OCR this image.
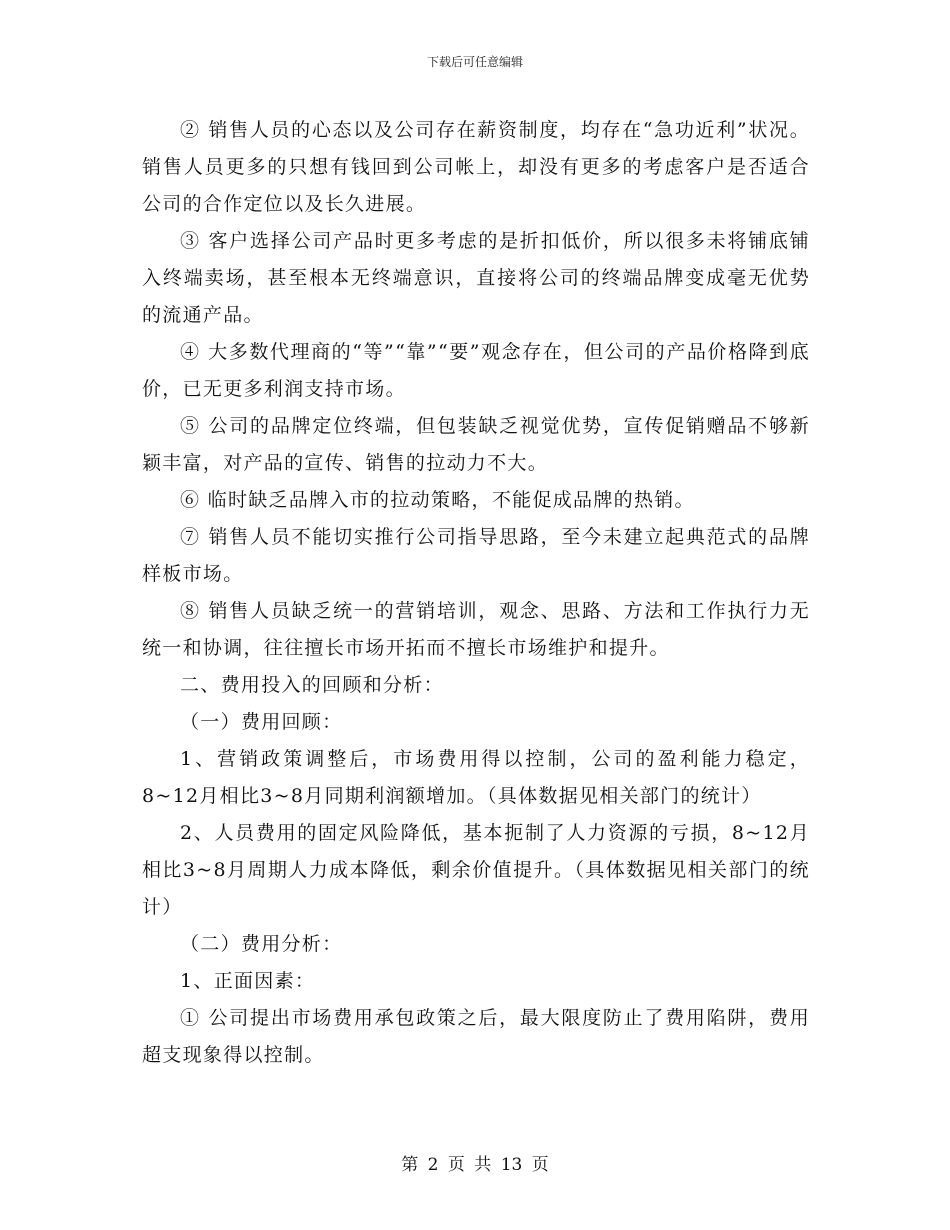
下载后可任意编辑

② 销售人员的心态以及公司存在薪资制度，均存在“急功近利”状况。销售人员更多的只想有钱回到公司帐上，却没有更多的考虑客户是否适合公司的合作定位以及长久进展。

③ 客户选择公司产品时更多考虑的是折扣低价，所以很多未将铺底铺入终端卖场，甚至根本无终端意识，直接将公司的终端品牌变成毫无优势的流通产品。

④ 大多数代理商的“等”“靠”“要”观念存在，但公司的产品价格降到底价，已无更多利润支持市场。

⑤ 公司的品牌定位终端，但包装缺乏视觉优势，宣传促销赠品不够新颖丰富，对产品的宣传、销售的拉动力不大。

⑥ 临时缺乏品牌入市的拉动策略，不能促成品牌的热销。

⑦ 销售人员不能切实推行公司指导思路，至今未建立起典范式的品牌样板市场。

⑧ 销售人员缺乏统一的营销培训，观念、思路、方法和工作执行力无统一和协调，往往擅长市场开拓而不擅长市场维护和提升。

二、费用投入的回顾和分析：

（一）费用回顾：

1、营销政策调整后，市场费用得以控制，公司的盈利能力稳定，8~12月相比3~8月同期利润额增加。（具体数据见相关部门的统计）

2、人员费用的固定风险降低，基本扼制了人力资源的亏损，8~12月相比3~8月周期人力成本降低，剩余价值提升。（具体数据见相关部门的统计）

（二）费用分析：

1、正面因素：

① 公司提出市场费用承包政策之后，最大限度防止了费用陷阱，费用超支现象得以控制。

第 2 页 共 13 页
